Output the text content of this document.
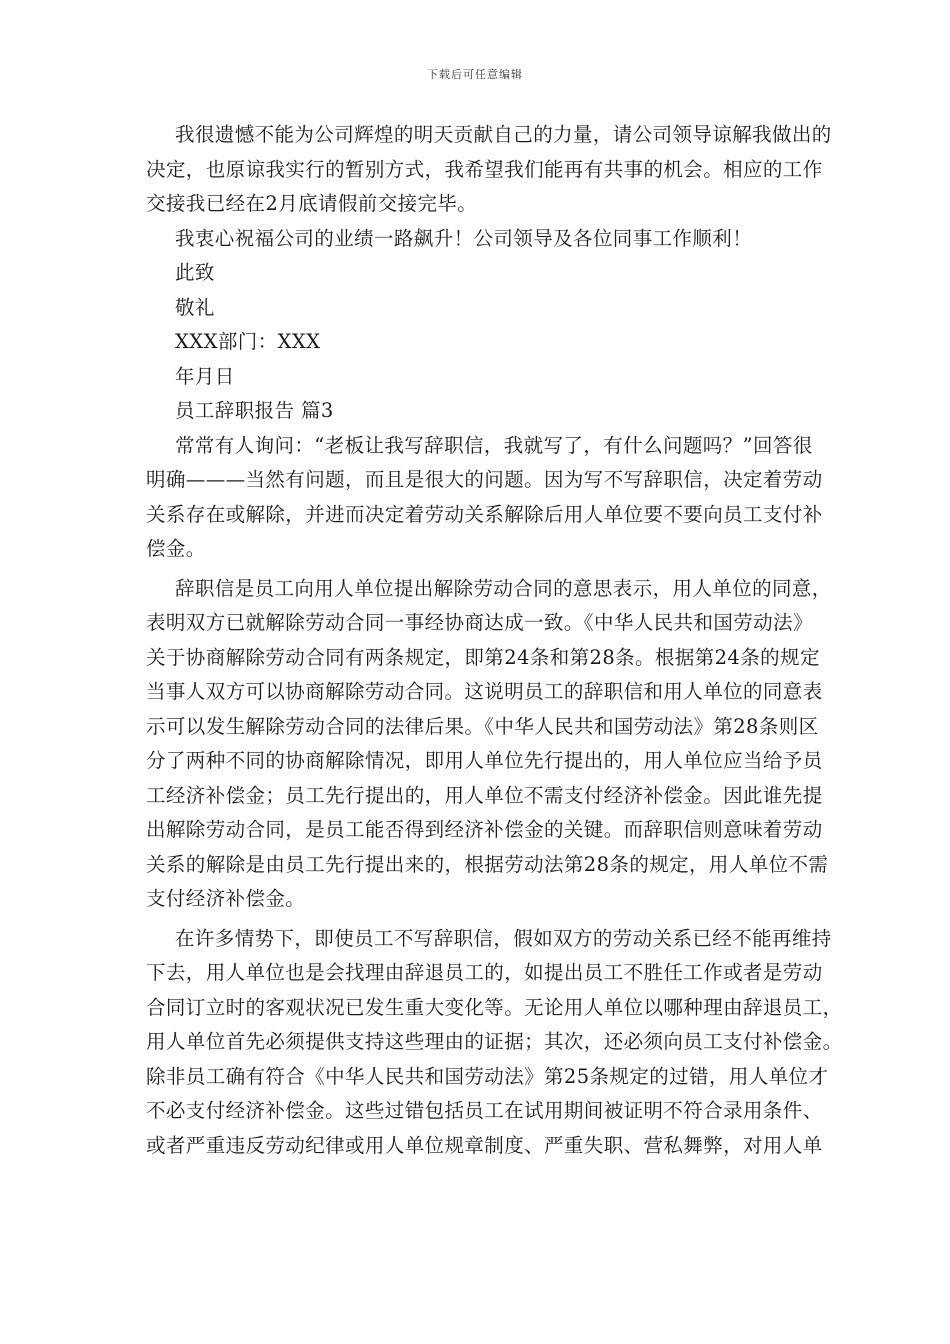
下载后可任意编辑
我很遗憾不能为公司辉煌的明天贡献自己的力量，请公司领导谅解我做出的
决定，也原谅我实行的暂别方式，我希望我们能再有共事的机会。相应的工作
交接我已经在2月底请假前交接完毕。
我衷心祝福公司的业绩一路飙升！公司领导及各位同事工作顺利！
此致
敬礼
XXX部门：XXX
年月日
员工辞职报告 篇3
常常有人询问：“老板让我写辞职信，我就写了，有什么问题吗？”回答很
明确———当然有问题，而且是很大的问题。因为写不写辞职信，决定着劳动
关系存在或解除，并进而决定着劳动关系解除后用人单位要不要向员工支付补
偿金。
辞职信是员工向用人单位提出解除劳动合同的意思表示，用人单位的同意，
表明双方已就解除劳动合同一事经协商达成一致。《中华人民共和国劳动法》
关于协商解除劳动合同有两条规定，即第24条和第28条。根据第24条的规定
当事人双方可以协商解除劳动合同。这说明员工的辞职信和用人单位的同意表
示可以发生解除劳动合同的法律后果。《中华人民共和国劳动法》第28条则区
分了两种不同的协商解除情况，即用人单位先行提出的，用人单位应当给予员
工经济补偿金；员工先行提出的，用人单位不需支付经济补偿金。因此谁先提
出解除劳动合同，是员工能否得到经济补偿金的关键。而辞职信则意味着劳动
关系的解除是由员工先行提出来的，根据劳动法第28条的规定，用人单位不需
支付经济补偿金。
在许多情势下，即使员工不写辞职信，假如双方的劳动关系已经不能再维持
下去，用人单位也是会找理由辞退员工的，如提出员工不胜任工作或者是劳动
合同订立时的客观状况已发生重大变化等。无论用人单位以哪种理由辞退员工，
用人单位首先必须提供支持这些理由的证据；其次，还必须向员工支付补偿金。
除非员工确有符合《中华人民共和国劳动法》第25条规定的过错，用人单位才
不必支付经济补偿金。这些过错包括员工在试用期间被证明不符合录用条件、
或者严重违反劳动纪律或用人单位规章制度、严重失职、营私舞弊，对用人单
